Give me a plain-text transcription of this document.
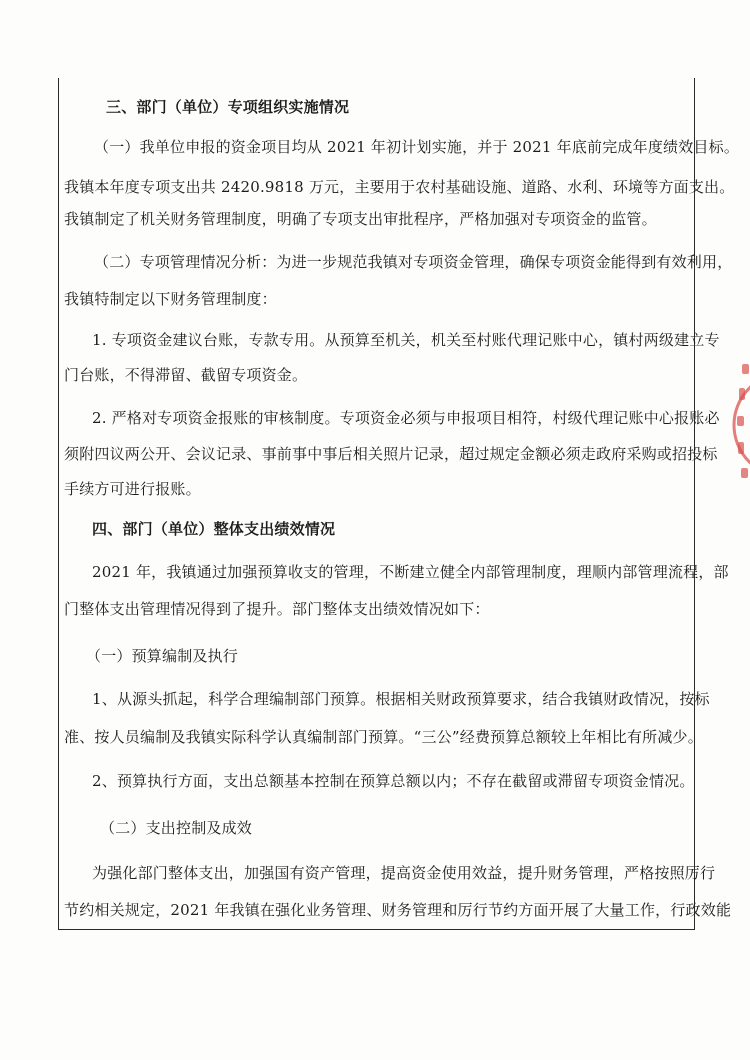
三、部门（单位）专项组织实施情况
（一）我单位申报的资金项目均从 2021 年初计划实施，并于 2021 年底前完成年度绩效目标。
我镇本年度专项支出共 2420.9818 万元，主要用于农村基础设施、道路、水利、环境等方面支出。
我镇制定了机关财务管理制度，明确了专项支出审批程序，严格加强对专项资金的监管。
（二）专项管理情况分析：为进一步规范我镇对专项资金管理，确保专项资金能得到有效利用，
我镇特制定以下财务管理制度：
1. 专项资金建议台账，专款专用。从预算至机关，机关至村账代理记账中心，镇村两级建立专
门台账，不得滞留、截留专项资金。
2. 严格对专项资金报账的审核制度。专项资金必须与申报项目相符，村级代理记账中心报账必
须附四议两公开、会议记录、事前事中事后相关照片记录，超过规定金额必须走政府采购或招投标
手续方可进行报账。
四、部门（单位）整体支出绩效情况
2021 年，我镇通过加强预算收支的管理，不断建立健全内部管理制度，理顺内部管理流程，部
门整体支出管理情况得到了提升。部门整体支出绩效情况如下：
（一）预算编制及执行
1、从源头抓起，科学合理编制部门预算。根据相关财政预算要求，结合我镇财政情况，按标
准、按人员编制及我镇实际科学认真编制部门预算。“三公”经费预算总额较上年相比有所减少。
2、预算执行方面，支出总额基本控制在预算总额以内；不存在截留或滞留专项资金情况。
（二）支出控制及成效
为强化部门整体支出，加强国有资产管理，提高资金使用效益，提升财务管理，严格按照厉行
节约相关规定，2021 年我镇在强化业务管理、财务管理和厉行节约方面开展了大量工作，行政效能
